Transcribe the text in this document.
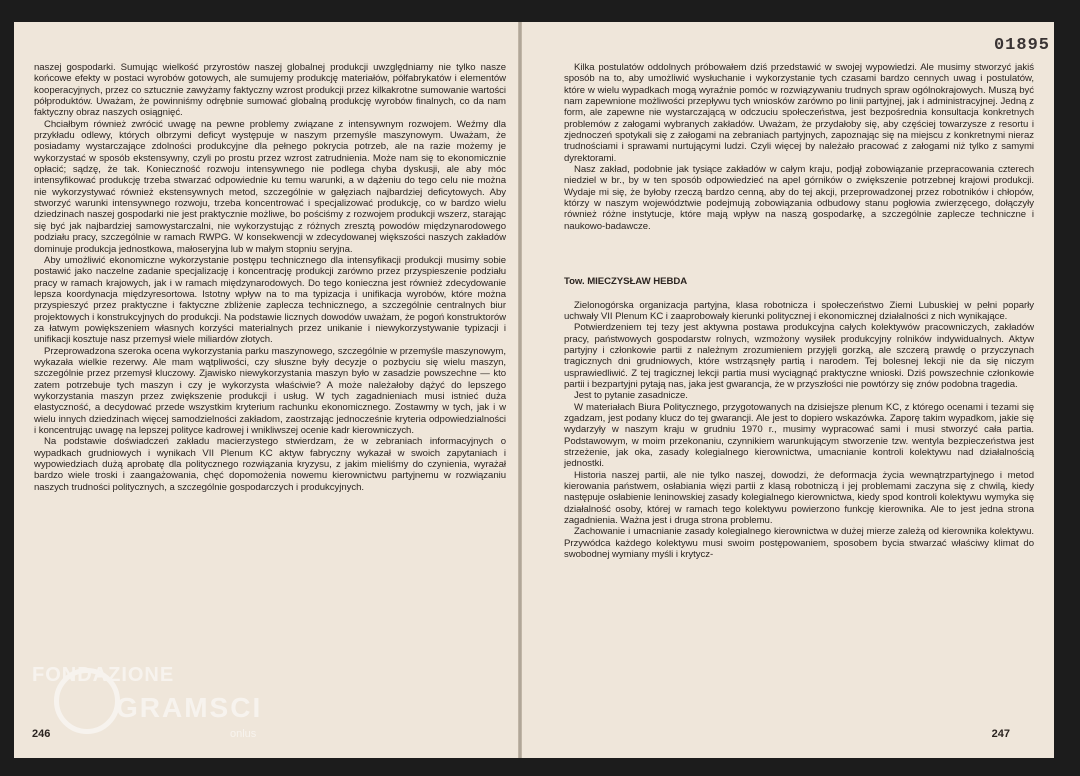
naszej gospodarki. Sumując wielkość przyrostów naszej globalnej produkcji uwzględniamy nie tylko nasze końcowe efekty w postaci wyrobów gotowych, ale sumujemy produkcję materiałów, półfabrykatów i elementów kooperacyjnych, przez co sztucznie zawyżamy faktyczny wzrost produkcji przez kilkakrotne sumowanie wartości półproduktów. Uważam, że powinniśmy odrębnie sumować globalną produkcję wyrobów finalnych, co da nam faktyczny obraz naszych osiągnięć.

Chciałbym również zwrócić uwagę na pewne problemy związane z intensywnym rozwojem. Weźmy dla przykładu odlewy, których olbrzymi deficyt występuje w naszym przemyśle maszynowym. Uważam, że posiadamy wystarczające zdolności produkcyjne dla pełnego pokrycia potrzeb, ale na razie możemy je wykorzystać w sposób ekstensywny, czyli po prostu przez wzrost zatrudnienia. Może nam się to ekonomicznie opłacić; sądzę, że tak. Konieczność rozwoju intensywnego nie podlega chyba dyskusji, ale aby móc intensyfikować produkcję trzeba stwarzać odpowiednie ku temu warunki, a w dążeniu do tego celu nie można nie wykorzystywać również ekstensywnych metod, szczególnie w gałęziach najbardziej deficytowych. Aby stworzyć warunki intensywnego rozwoju, trzeba koncentrować i specjalizować produkcję, co w bardzo wielu dziedzinach naszej gospodarki nie jest praktycznie możliwe, bo pościśmy z rozwojem produkcji wszerz, starając się być jak najbardziej samowystarczalni, nie wykorzystując z różnych zresztą powodów międzynarodowego podziału pracy, szczególnie w ramach RWPG. W konsekwencji w zdecydowanej większości naszych zakładów dominuje produkcja jednostkowa, małoseryjna lub w małym stopniu seryjna.

Aby umożliwić ekonomiczne wykorzystanie postępu technicznego dla intensyfikacji produkcji musimy sobie postawić jako naczelne zadanie specjalizację i koncentrację produkcji zarówno przez przyspieszenie podziału pracy w ramach krajowych, jak i w ramach międzynarodowych. Do tego konieczna jest również zdecydowanie lepsza koordynacja międzyresortowa. Istotny wpływ na to ma typizacja i unifikacja wyrobów, które można przyspieszyć przez praktyczne i faktyczne zbliżenie zaplecza technicznego, a szczególnie centralnych biur projektowych i konstrukcyjnych do produkcji. Na podstawie licznych dowodów uważam, że pogoń konstruktorów za łatwym powiększeniem własnych korzyści materialnych przez unikanie i niewykorzystywanie typizacji i unifikacji kosztuje nasz przemysł wiele miliardów złotych.

Przeprowadzona szeroka ocena wykorzystania parku maszynowego, szczególnie w przemyśle maszynowym, wykazała wielkie rezerwy. Ale mam wątpliwości, czy słuszne były decyzje o pozbyciu się wielu maszyn, szczególnie przez przemysł kluczowy. Zjawisko niewykorzystania maszyn było w zasadzie powszechne — kto zatem potrzebuje tych maszyn i czy je wykorzysta właściwie? A może należałoby dążyć do lepszego wykorzystania maszyn przez zwiększenie produkcji i usług. W tych zagadnieniach musi istnieć duża elastyczność, a decydować przede wszystkim kryterium rachunku ekonomicznego. Zostawmy w tych, jak i w wielu innych dziedzinach więcej samodzielności zakładom, zaostrzając jednocześnie kryteria odpowiedzialności i koncentrując uwagę na lepszej polityce kadrowej i wnikliwszej ocenie kadr kierowniczych.

Na podstawie doświadczeń zakładu macierzystego stwierdzam, że w zebraniach informacyjnych o wypadkach grudniowych i wynikach VII Plenum KC aktyw fabryczny wykazał w swoich zapytaniach i wypowiedziach dużą aprobatę dla politycznego rozwiązania kryzysu, z jakim mieliśmy do czynienia, wyrażał bardzo wiele troski i zaangażowania, chęć dopomożenia nowemu kierownictwu partyjnemu w rozwiązaniu naszych trudności politycznych, a szczególnie gospodarczych i produkcyjnych.

246
01895

Kilka postulatów oddolnych próbowałem dziś przedstawić w swojej wypowiedzi. Ale musimy stworzyć jakiś sposób na to, aby umożliwić wysłuchanie i wykorzystanie tych czasami bardzo cennych uwag i postulatów, które w wielu wypadkach mogą wyraźnie pomóc w rozwiązywaniu trudnych spraw ogólnokrajowych. Muszą być nam zapewnione możliwości przepływu tych wniosków zarówno po linii partyjnej, jak i administracyjnej. Jedną z form, ale zapewne nie wystarczającą w odczuciu społeczeństwa, jest bezpośrednia konsultacja konkretnych problemów z załogami wybranych zakładów. Uważam, że przydałoby się, aby częściej towarzysze z resortu i zjednoczeń spotykali się z załogami na zebraniach partyjnych, zapoznając się na miejscu z konkretnymi nieraz trudnościami i sprawami nurtującymi ludzi. Czyli więcej by należało pracować z załogami niż tylko z samymi dyrektorami.

Nasz zakład, podobnie jak tysiące zakładów w całym kraju, podjął zobowiązanie przepracowania czterech niedziel w br., by w ten sposób odpowiedzieć na apel górników o zwiększenie potrzebnej krajowi produkcji. Wydaje mi się, że byłoby rzeczą bardzo cenną, aby do tej akcji, przeprowadzonej przez robotników i chłopów, którzy w naszym województwie podejmują zobowiązania odbudowy stanu pogłowia zwierzęcego, dołączyły również różne instytucje, które mają wpływ na naszą gospodarkę, a szczególnie zaplecze techniczne i naukowo-badawcze.

Tow. MIECZYSŁAW HEBDA

Zielonogórska organizacja partyjna, klasa robotnicza i społeczeństwo Ziemi Lubuskiej w pełni poparły uchwały VII Plenum KC i zaaprobowały kierunki politycznej i ekonomicznej działalności z nich wynikające.

Potwierdzeniem tej tezy jest aktywna postawa produkcyjna całych kolektywów pracowniczych, zakładów pracy, państwowych gospodarstw rolnych, wzmożony wysiłek produkcyjny rolników indywidualnych. Aktyw partyjny i członkowie partii z należnym zrozumieniem przyjęli gorzką, ale szczerą prawdę o przyczynach tragicznych dni grudniowych, które wstrząsnęły partią i narodem. Tej bolesnej lekcji nie da się niczym usprawiedliwić. Z tej tragicznej lekcji partia musi wyciągnąć praktyczne wnioski. Dziś powszechnie członkowie partii i bezpartyjni pytają nas, jaka jest gwarancja, że w przyszłości nie powtórzy się znów podobna tragedia.

Jest to pytanie zasadnicze.

W materiałach Biura Politycznego, przygotowanych na dzisiejsze plenum KC, z którego ocenami i tezami się zgadzam, jest podany klucz do tej gwarancji. Ale jest to dopiero wskazówka. Zaporę takim wypadkom, jakie się wydarzyły w naszym kraju w grudniu 1970 r., musimy wypracować sami i musi stworzyć cała partia. Podstawowym, w moim przekonaniu, czynnikiem warunkującym stworzenie tzw. wentyla bezpieczeństwa jest strzeżenie, jak oka, zasady kolegialnego kierownictwa, umacnianie kontroli kolektywu nad działalnością jednostki.

Historia naszej partii, ale nie tylko naszej, dowodzi, że deformacja życia wewnątrzpartyjnego i metod kierowania państwem, osłabiania więzi partii z klasą robotniczą i jej problemami zaczyna się z chwilą, kiedy następuje osłabienie leninowskiej zasady kolegialnego kierownictwa, kiedy spod kontroli kolektywu wymyka się działalność osoby, której w ramach tego kolektywu powierzono funkcję kierownika. Ale to jest jedna strona zagadnienia. Ważna jest i druga strona problemu.

Zachowanie i umacnianie zasady kolegialnego kierownictwa w dużej mierze zależą od kierownika kolektywu. Przywódca każdego kolektywu musi swoim postępowaniem, sposobem bycia stwarzać właściwy klimat do swobodnej wymiany myśli i krytycz-

247
FONDAZIONE
GRAMSCI
onlus
